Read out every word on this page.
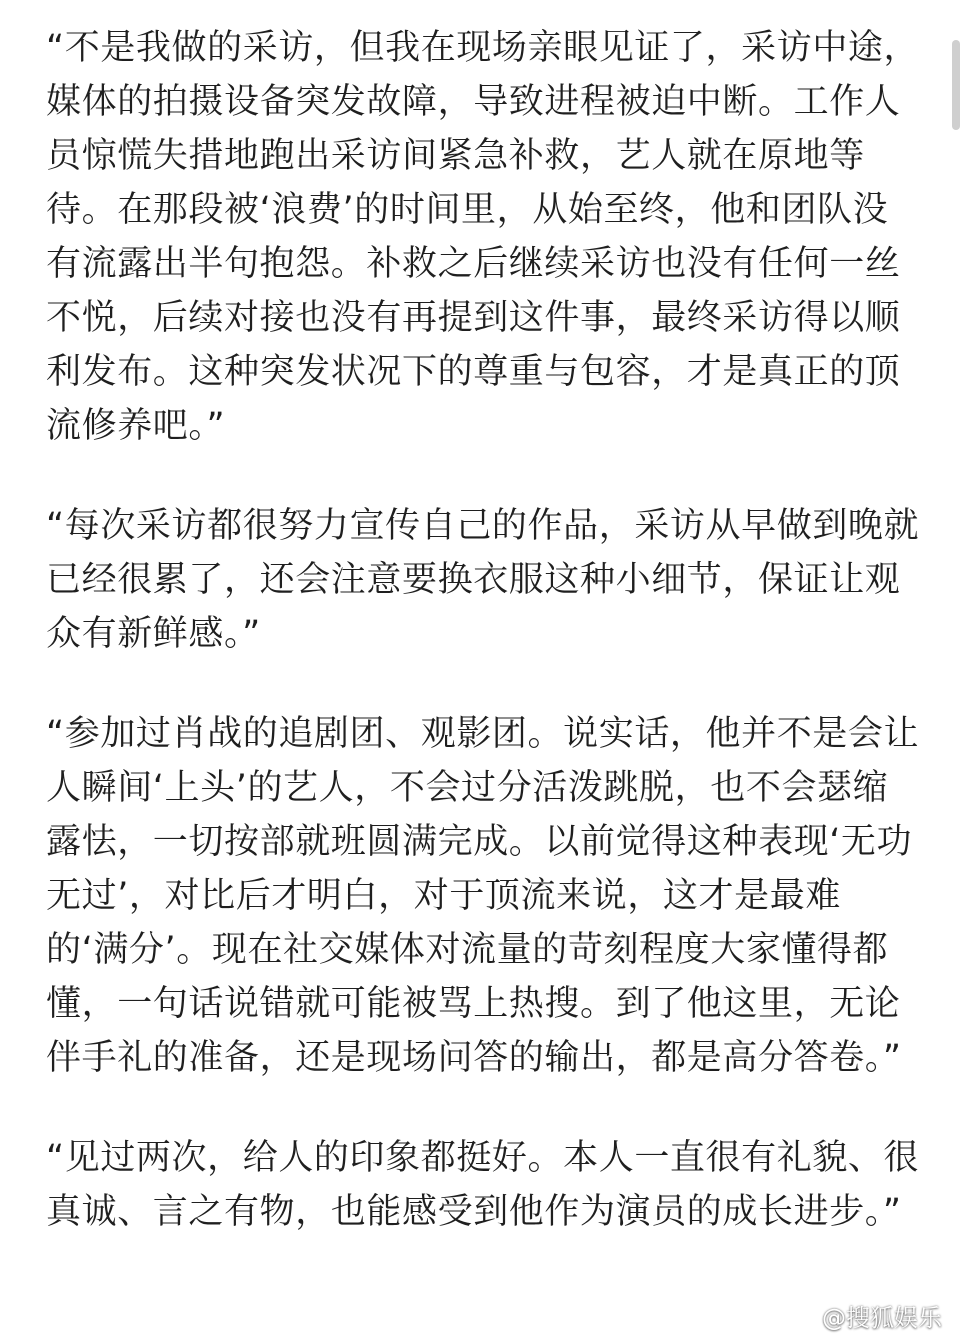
“不是我做的采访，但我在现场亲眼见证了，采访中途，
媒体的拍摄设备突发故障，导致进程被迫中断。工作人
员惊慌失措地跑出采访间紧急补救，艺人就在原地等
待。在那段被‘浪费’的时间里，从始至终，他和团队没
有流露出半句抱怨。补救之后继续采访也没有任何一丝
不悦，后续对接也没有再提到这件事，最终采访得以顺
利发布。这种突发状况下的尊重与包容，才是真正的顶
流修养吧。”
“每次采访都很努力宣传自己的作品，采访从早做到晚就
已经很累了，还会注意要换衣服这种小细节，保证让观
众有新鲜感。”
“参加过肖战的追剧团、观影团。说实话，他并不是会让
人瞬间‘上头’的艺人，不会过分活泼跳脱，也不会瑟缩
露怯，一切按部就班圆满完成。以前觉得这种表现‘无功
无过’，对比后才明白，对于顶流来说，这才是最难
的‘满分’。现在社交媒体对流量的苛刻程度大家懂得都
懂，一句话说错就可能被骂上热搜。到了他这里，无论
伴手礼的准备，还是现场问答的输出，都是高分答卷。”
“见过两次，给人的印象都挺好。本人一直很有礼貌、很
真诚、言之有物，也能感受到他作为演员的成长进步。”
@搜狐娱乐
